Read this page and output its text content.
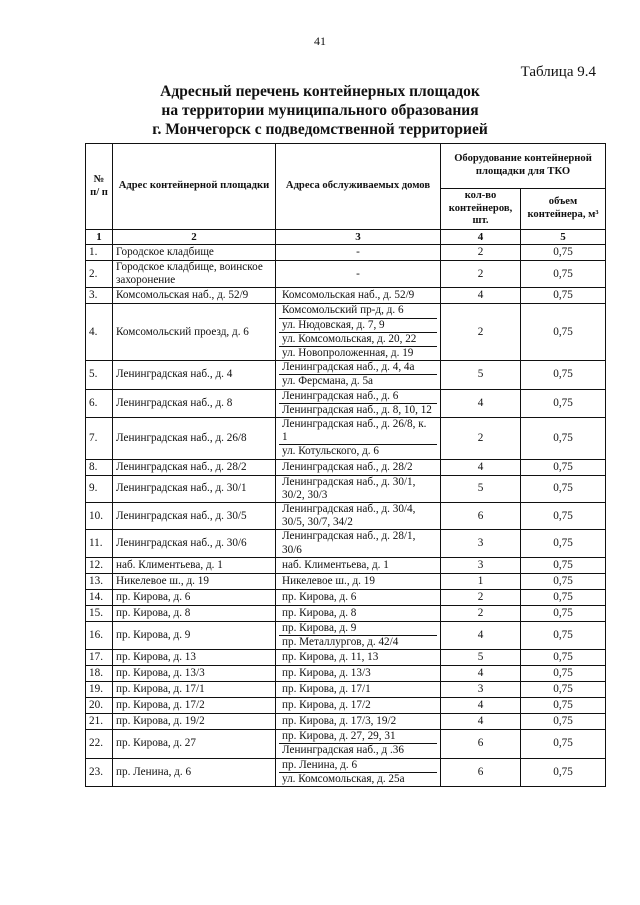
41
Таблица 9.4
Адресный перечень контейнерных площадок
на территории муниципального образования
г. Мончегорск с подведомственной территорией
№ п/ п	Адрес контейнерной площадки	Адреса обслуживаемых домов	Оборудование контейнерной площадки для ТКО	
			кол-во контейнеров, шт.	объем контейнера, м³
1	2	3	4	5
1.	Городское кладбище	-	2	0,75
2.	Городское кладбище, воинское захоронение	-	2	0,75
3.	Комсомольская наб., д. 52/9	Комсомольская наб., д. 52/9	4	0,75
4.	Комсомольский проезд, д. 6	Комсомольский пр-д, д. 6
ул. Нюдовская, д. 7, 9
ул. Комсомольская, д. 20, 22
ул. Новопроложенная, д. 19	2	0,75
5.	Ленинградская наб., д. 4	Ленинградская наб., д. 4, 4а
ул. Ферсмана, д. 5а	5	0,75
6.	Ленинградская наб., д. 8	Ленинградская наб., д. 6
Ленинградская наб., д. 8, 10, 12	4	0,75
7.	Ленинградская наб., д. 26/8	Ленинградская наб., д. 26/8, к. 1
ул. Котульского, д. 6	2	0,75
8.	Ленинградская наб., д. 28/2	Ленинградская наб., д. 28/2	4	0,75
9.	Ленинградская наб., д. 30/1	Ленинградская наб., д. 30/1, 30/2, 30/3	5	0,75
10.	Ленинградская наб., д. 30/5	Ленинградская наб., д. 30/4, 30/5, 30/7, 34/2	6	0,75
11.	Ленинградская наб., д. 30/6	Ленинградская наб., д. 28/1, 30/6	3	0,75
12.	наб. Климентьева, д. 1	наб. Климентьева, д. 1	3	0,75
13.	Никелевое ш., д. 19	Никелевое ш., д. 19	1	0,75
14.	пр. Кирова, д. 6	пр. Кирова, д. 6	2	0,75
15.	пр. Кирова, д. 8	пр. Кирова, д. 8	2	0,75
16.	пр. Кирова, д. 9	пр. Кирова, д. 9
пр. Металлургов, д. 42/4	4	0,75
17.	пр. Кирова, д. 13	пр. Кирова, д. 11, 13	5	0,75
18.	пр. Кирова, д. 13/3	пр. Кирова, д. 13/3	4	0,75
19.	пр. Кирова, д. 17/1	пр. Кирова, д. 17/1	3	0,75
20.	пр. Кирова, д. 17/2	пр. Кирова, д. 17/2	4	0,75
21.	пр. Кирова, д. 19/2	пр. Кирова, д. 17/3, 19/2	4	0,75
22.	пр. Кирова, д. 27	пр. Кирова, д. 27, 29, 31
Ленинградская наб., д .36	6	0,75
23.	пр. Ленина, д. 6	пр. Ленина, д. 6
ул. Комсомольская, д. 25а	6	0,75
